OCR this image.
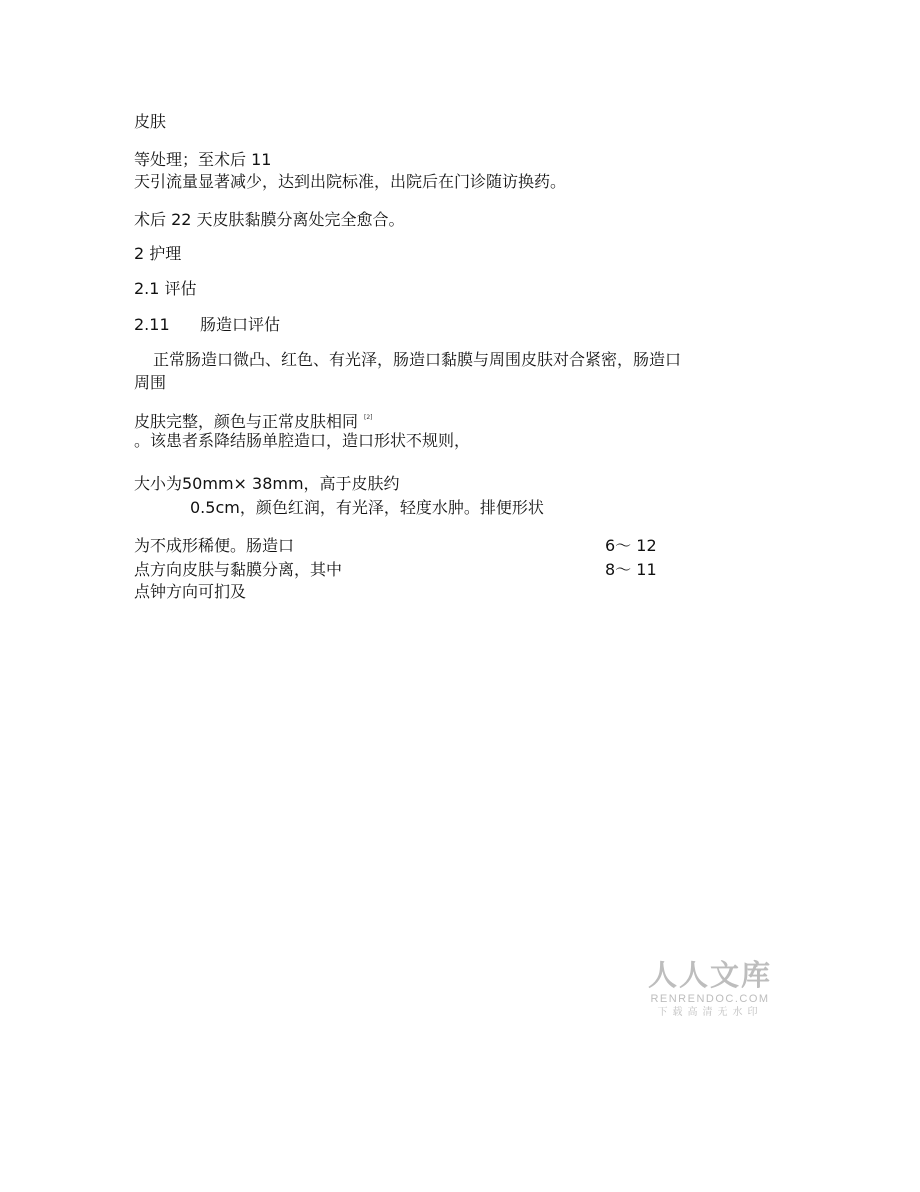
皮肤
等处理；至术后 11
天引流量显著减少，达到出院标准，出院后在门诊随访换药。
术后 22 天皮肤黏膜分离处完全愈合。
2 护理
2.1 评估
2.11 肠造口评估
正常肠造口微凸、红色、有光泽，肠造口黏膜与周围皮肤对合紧密，肠造口
周围
皮肤完整，颜色与正常皮肤相同 [2]
。该患者系降结肠单腔造口，造口形状不规则，
大小为50mm× 38mm，高于皮肤约
0.5cm，颜色红润，有光泽，轻度水肿。排便形状
为不成形稀便。肠造口	6～ 12
点方向皮肤与黏膜分离，其中	8～ 11
点钟方向可扪及
人人文库
RENRENDOC.COM
下载高清无水印
